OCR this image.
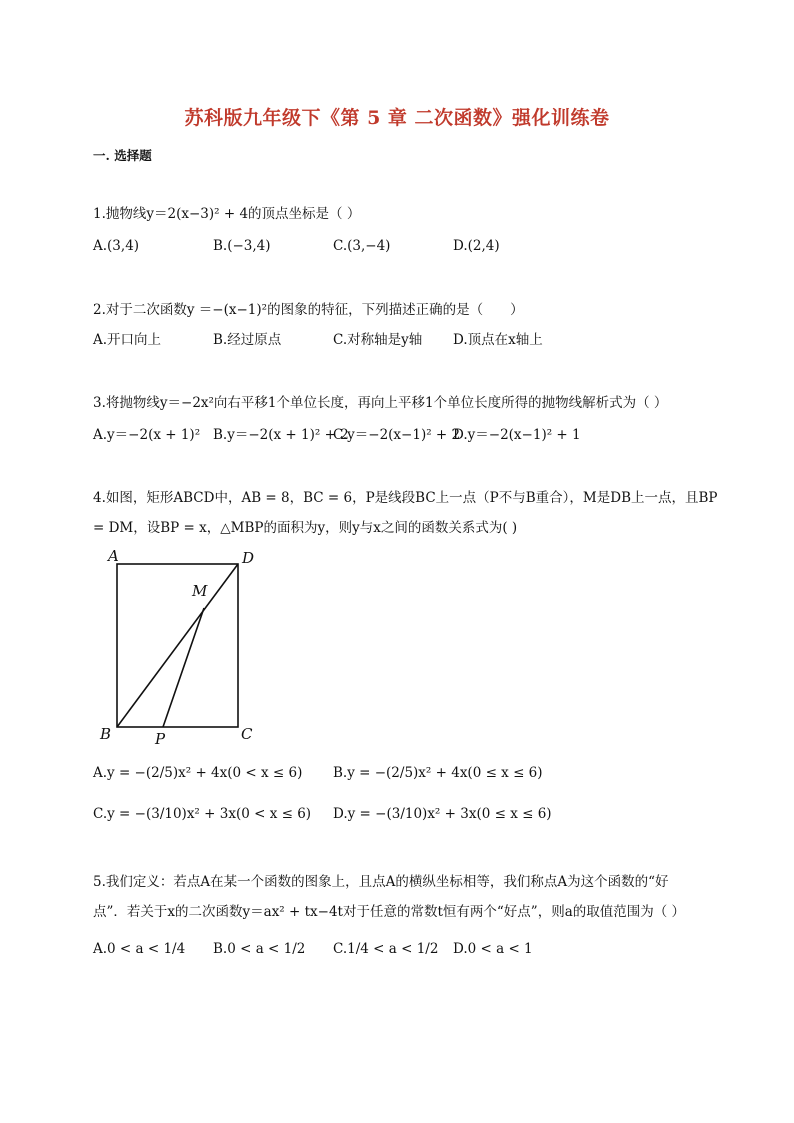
苏科版九年级下《第 5 章 二次函数》强化训练卷
一. 选择题
1.抛物线y＝2(x−3)² + 4的顶点坐标是（ ）
A.(3,4)	B.(−3,4)	C.(3,−4)	D.(2,4)
2.对于二次函数y ＝−(x−1)²的图象的特征，下列描述正确的是（　　）
A.开口向上	B.经过原点	C.对称轴是y轴 D.顶点在x轴上
3.将抛物线y＝−2x²向右平移1个单位长度，再向上平移1个单位长度所得的抛物线解析式为（ ）
A.y＝−2(x + 1)² B.y＝−2(x + 1)² + 2
C.y＝−2(x−1)² + 2
D.y＝−2(x−1)² + 1
4.如图，矩形ABCD中，AB = 8，BC = 6，P是线段BC上一点（P不与B重合），M是DB上一点，且BP
= DM，设BP = x，△MBP的面积为y，则y与x之间的函数关系式为( )
A	D
M
B	P	C
A.y = −(2/5)x² + 4x(0 < x ≤ 6) B.y = −(2/5)x² + 4x(0 ≤ x ≤ 6)
C.y = −(3/10)x² + 3x(0 < x ≤ 6) D.y = −(3/10)x² + 3x(0 ≤ x ≤ 6)
5.我们定义：若点A在某一个函数的图象上，且点A的横纵坐标相等，我们称点A为这个函数的“好
点”．若关于x的二次函数y＝ax² + tx−4t对于任意的常数t恒有两个“好点”，则a的取值范围为（ ）
A.0 < a < 1/4 B.0 < a < 1/2 C.1/4 < a < 1/2 D.0 < a < 1
